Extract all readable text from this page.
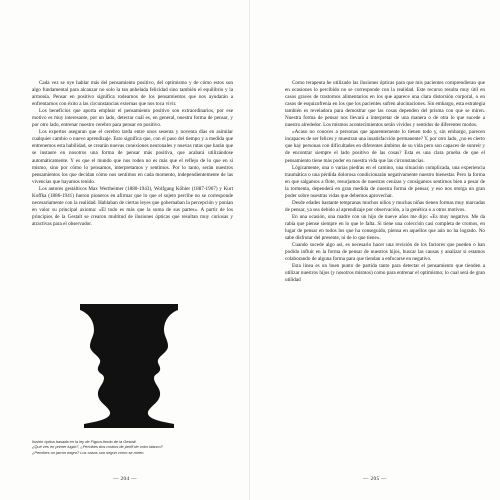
Cada vez se oye hablar más del pensamiento positivo, del optimismo y de cómo estos son algo fundamental para alcanzar no solo la tan anhelada felicidad sino también el equilibrio y la armonía. Pensar en positivo significa rodearnos de los pensamientos que nos ayudarán a enfrentarnos con éxito a las circunstancias externas que nos toca vivir.

Los beneficios que aporta emplear el pensamiento positivo son extraordinarios, por ese motivo es muy interesante, por un lado, detectar cuál es, en general, nuestra forma de pensar, y por otro lado, entrenar nuestro cerebro para pensar en positivo.

Los expertos aseguran que el cerebro tarda entre unos sesenta y noventa días en asimilar cualquier cambio o nuevo aprendizaje. Esto significa que, con el paso del tiempo y a medida que entrenemos esta habilidad, se crearán nuevas conexiones neuronales y nuevas rutas que harán que se instaure en nosotros una forma de pensar más positiva, que acabará utilizándose automáticamente. Y es que el mundo que nos rodea no es más que el reflejo de lo que en sí mismo, sino por cómo lo pensamos, interpretamos y sentimos. Por lo tanto, serán nuestros pensamientos los que decidan cómo nos sentimos en cada momento, independientemente de las vivencias que hayamos tenido.

Los autores gestálticos Max Wertheimer (1880-1943), Wolfgang Köhler (1887-1967) y Kurt Koffka (1886-1941) fueron pioneros en afirmar que lo que el sujeto percibe no se corresponde necesariamente con la realidad. Hablaban de ciertas leyes que gobernaban la percepción y ponían en valor su principal axioma: «El todo es más que la suma de sus partes». A partir de los principios de la Gestalt se crearon multitud de ilusiones ópticas que resultan muy curiosas y atractivas para el observador.

Ilusión óptica basada en la ley de Figura-fondo de la Gestalt.
¿Qué ves en primer lugar?, ¿Percibes dos rostros de perfil de color blanco?
¿Percibes un jarrón negro? Los casos son según cómo se miren.
— 204 —

Como terapeuta he utilizado las ilusiones ópticas para que mis pacientes comprendieran que en ocasiones lo percibido no se corresponde con la realidad. Este recurso resulta muy útil en casos graves de trastornos alimentarios en los que aparece una clara distorsión corporal, o en casos de esquizofrenia en los que los pacientes sufren alucinaciones. Sin embargo, esta estrategia también es reveladora para demostrar que las cosas dependen del prisma con que se miren. Nuestra forma de pensar nos llevará a interpretar de una manera o de otra lo que sucede a nuestro alrededor. Los mismos acontecimientos serán vividos y sentidos de diferentes modos.

«Acaso no conoces a personas que aparentemente lo tienen todo y, sin embargo, parecen incapaces de ser felices y muestran una insatisfacción permanente? Y, por otro lado, ¿no es cierto que hay personas con dificultades en diferentes ámbitos de su vida pero son capaces de sonreír y de encontrar siempre el lado positivo de las cosas? Esta es una clara prueba de que el pensamiento tiene más poder en nuestra vida que las circunstancias.

Lógicamente, una o varias piedras en el camino, una situación complicada, una experiencia traumática o una pérdida dolorosa condicionarán negativamente nuestro bienestar. Pero la forma en que salgamos a flote, resurjamos de nuestras cenizas y consigamos sentirnos bien a pesar de la tormenta, dependerá en gran medida de nuestra forma de pensar, y eso nos otorga un gran poder sobre nuestras vidas que debemos aprovechar.

Desde edades bastante tempranas muchos niños y muchas niñas tienen formas muy marcadas de pensar, ya sea debido al aprendizaje por observación, a la genética o a otros motivos.

En una ocasión, una madre con un hijo de nueve años me dijo: «Es muy negativo. Me da rabia que piense siempre en lo que le falta. Si tiene una colección casi completa de cromos, en lugar de pensar en todos los que ha conseguido, piensa en aquellos que aún no ha logrado. No sabe disfrutar del presente, ni de lo que tiene».

Cuando sucede algo así, es necesario hacer una revisión de los factores que pueden o han podido influir en la forma de pensar de nuestros hijos, buscar las causas y analizar si estamos colaborando de alguna forma para que tiendan a enfocarse en negativo.

Esta línea es un buen punto de partida tanto para detectar el pensamiento que tienden a utilizar nuestros hijos (y nosotros mismos) como para entrenar el optimismo; lo cual será de gran utilidad

— 205 —
